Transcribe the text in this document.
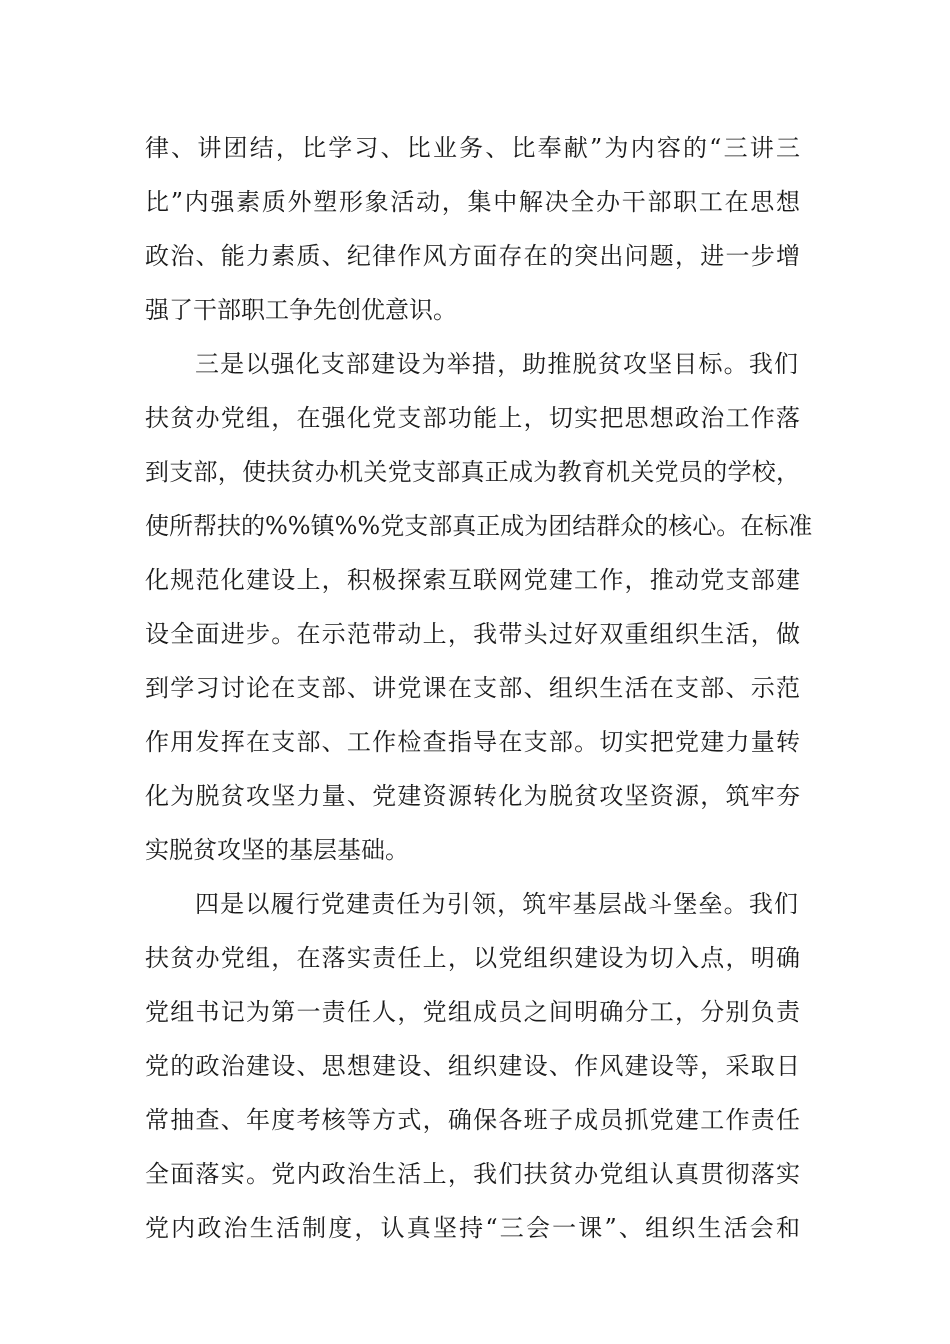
律、讲团结，比学习、比业务、比奉献”为内容的“三讲三
比”内强素质外塑形象活动，集中解决全办干部职工在思想
政治、能力素质、纪律作风方面存在的突出问题，进一步增
强了干部职工争先创优意识。
三是以强化支部建设为举措，助推脱贫攻坚目标。我们
扶贫办党组，在强化党支部功能上，切实把思想政治工作落
到支部，使扶贫办机关党支部真正成为教育机关党员的学校，
使所帮扶的%%镇%%党支部真正成为团结群众的核心。在标准
化规范化建设上，积极探索互联网党建工作，推动党支部建
设全面进步。在示范带动上，我带头过好双重组织生活，做
到学习讨论在支部、讲党课在支部、组织生活在支部、示范
作用发挥在支部、工作检查指导在支部。切实把党建力量转
化为脱贫攻坚力量、党建资源转化为脱贫攻坚资源，筑牢夯
实脱贫攻坚的基层基础。
四是以履行党建责任为引领，筑牢基层战斗堡垒。我们
扶贫办党组，在落实责任上，以党组织建设为切入点，明确
党组书记为第一责任人，党组成员之间明确分工，分别负责
党的政治建设、思想建设、组织建设、作风建设等，采取日
常抽查、年度考核等方式，确保各班子成员抓党建工作责任
全面落实。党内政治生活上，我们扶贫办党组认真贯彻落实
党内政治生活制度，认真坚持“三会一课”、组织生活会和
